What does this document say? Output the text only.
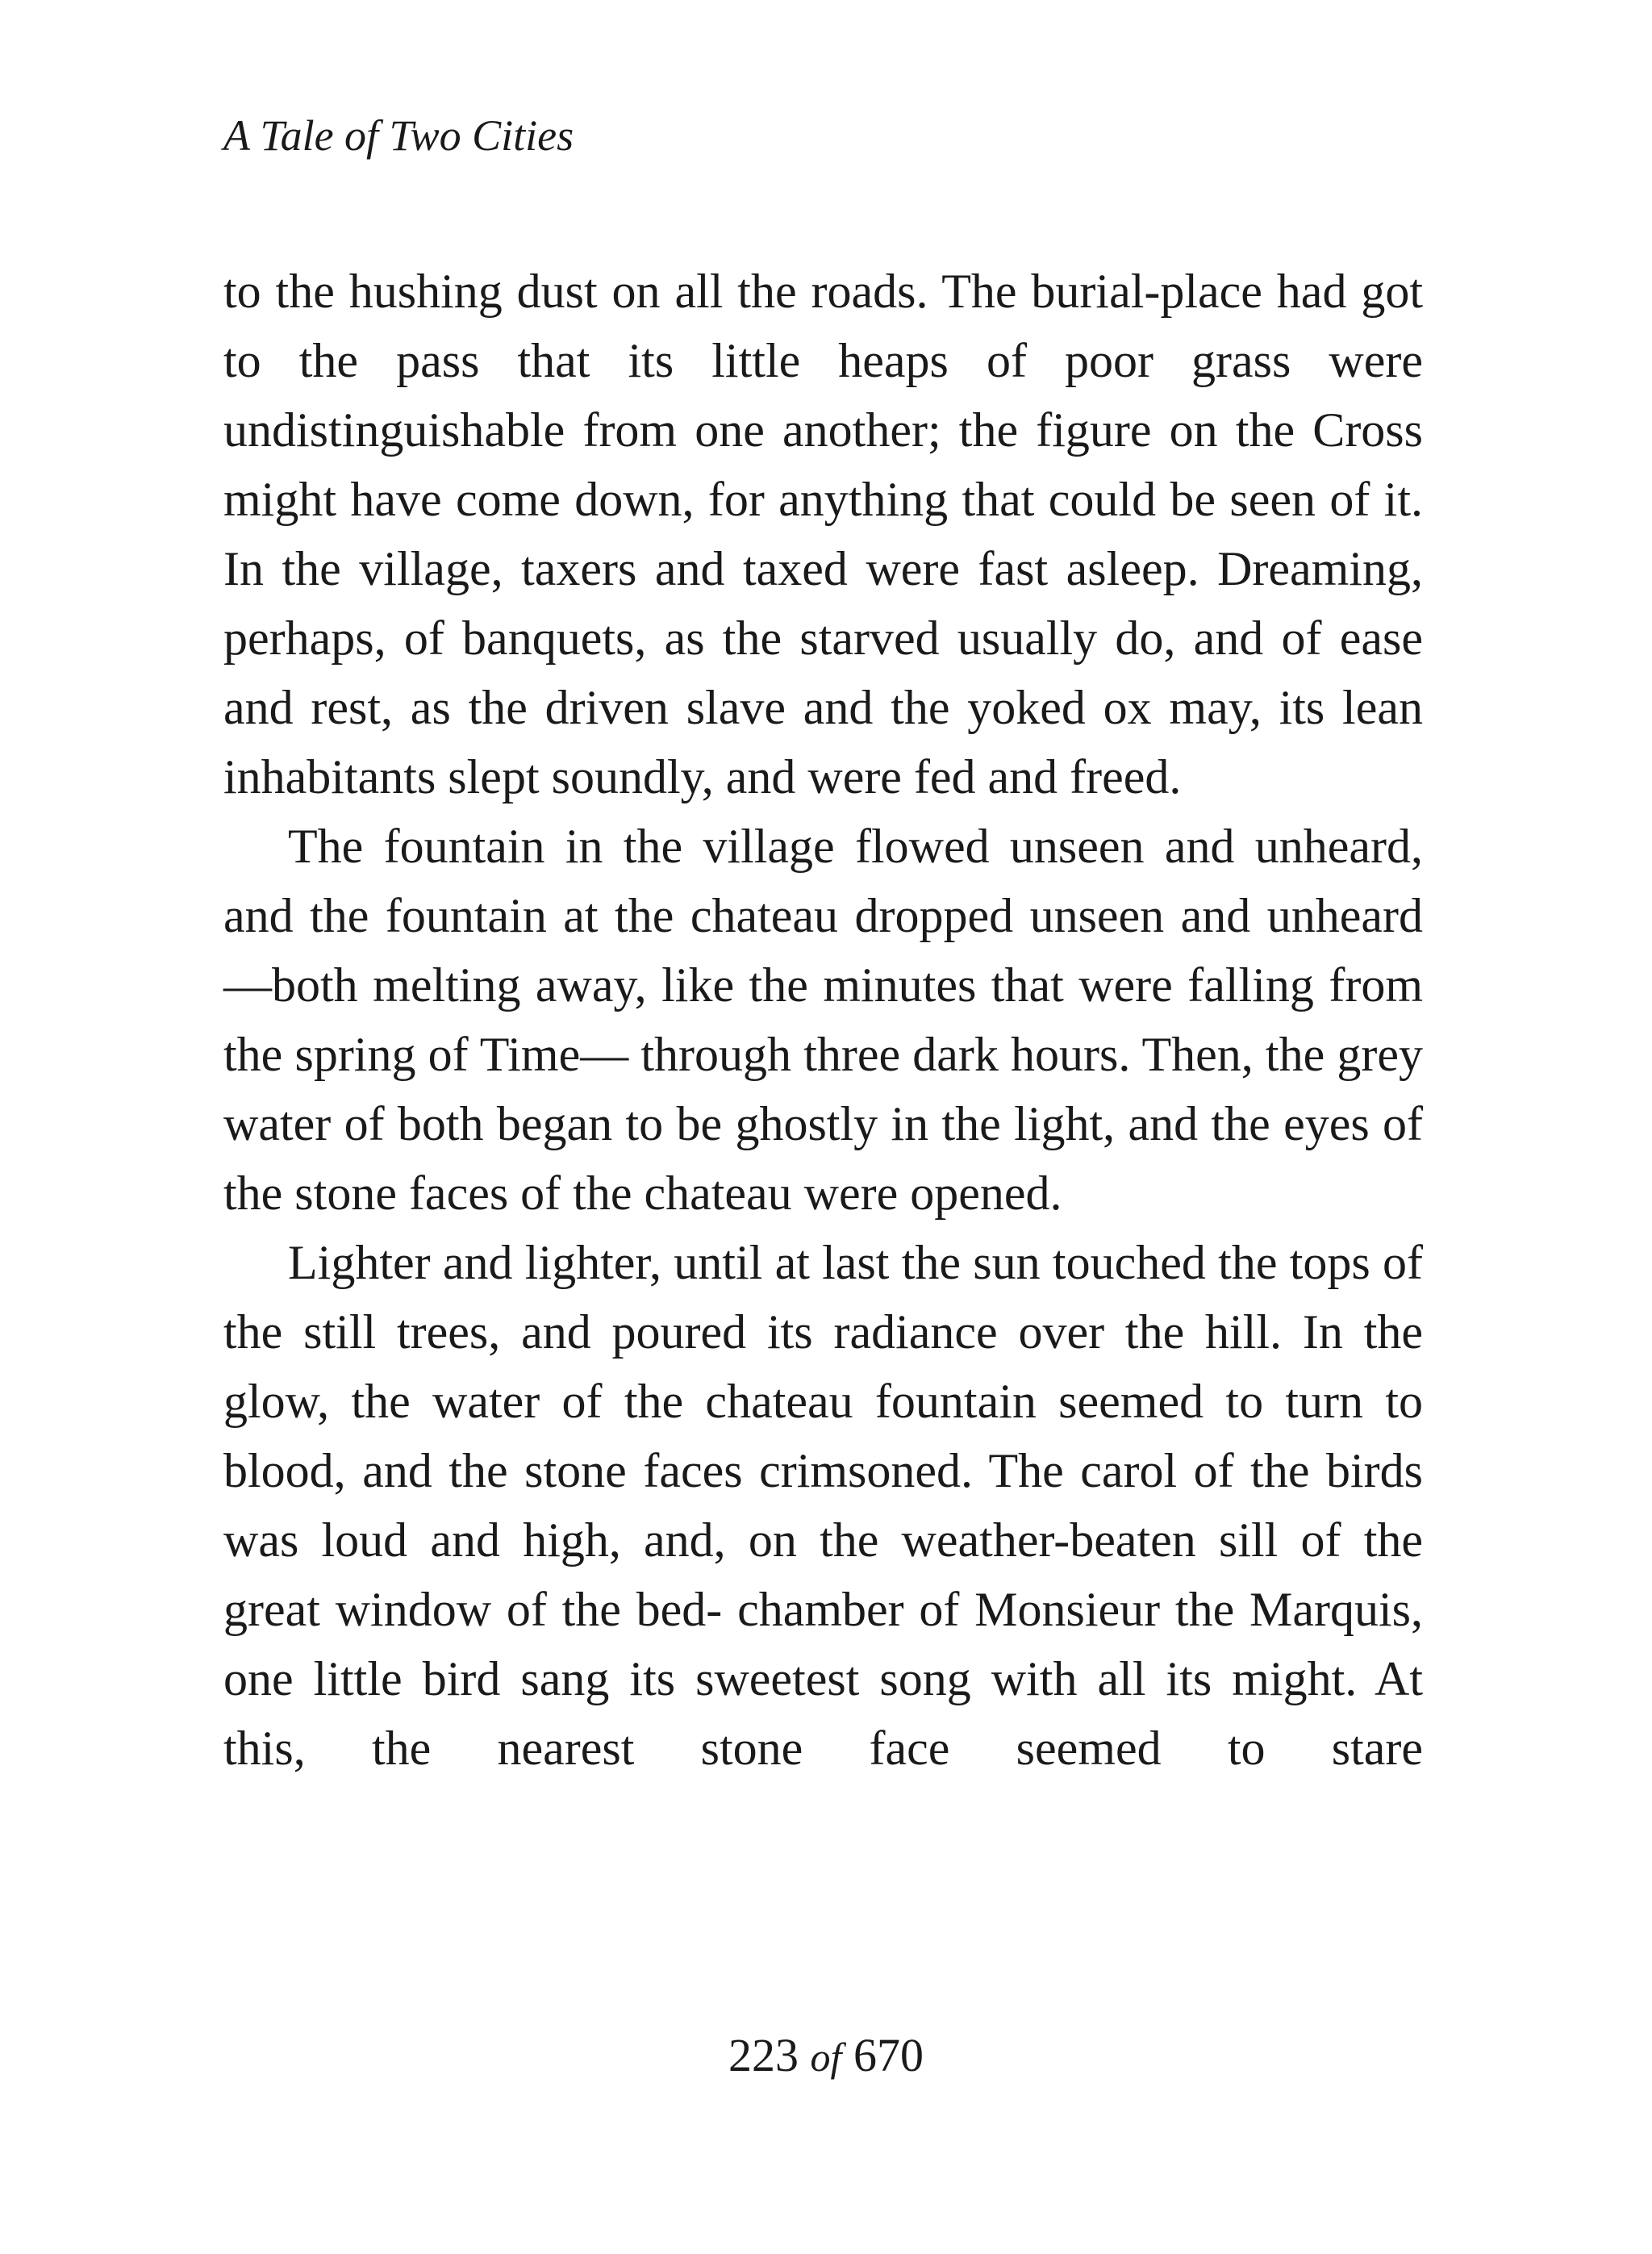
A Tale of Two Cities

to the hushing dust on all the roads. The burial-place had got to the pass that its little heaps of poor grass were undistinguishable from one another; the figure on the Cross might have come down, for anything that could be seen of it. In the village, taxers and taxed were fast asleep. Dreaming, perhaps, of banquets, as the starved usually do, and of ease and rest, as the driven slave and the yoked ox may, its lean inhabitants slept soundly, and were fed and freed.

The fountain in the village flowed unseen and unheard, and the fountain at the chateau dropped unseen and unheard—both melting away, like the minutes that were falling from the spring of Time— through three dark hours. Then, the grey water of both began to be ghostly in the light, and the eyes of the stone faces of the chateau were opened.

Lighter and lighter, until at last the sun touched the tops of the still trees, and poured its radiance over the hill. In the glow, the water of the chateau fountain seemed to turn to blood, and the stone faces crimsoned. The carol of the birds was loud and high, and, on the weather-beaten sill of the great window of the bed- chamber of Monsieur the Marquis, one little bird sang its sweetest song with all its might. At this, the nearest stone face seemed to stare

223 of 670
